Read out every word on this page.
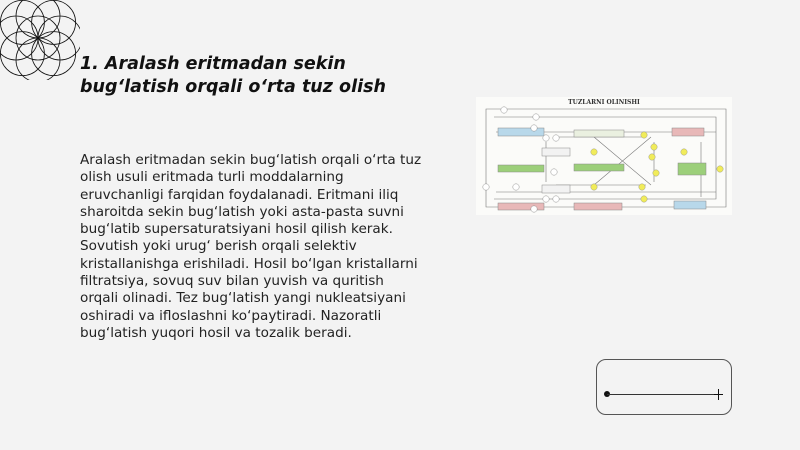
1. Aralash eritmadan sekin bug‘latish orqali o‘rta tuz olish

Aralash eritmadan sekin bug‘latish orqali o‘rta tuz olish usuli eritmada turli moddalarning eruvchanligi farqidan foydalanadi. Eritmani iliq sharoitda sekin bug‘latish yoki asta-pasta suvni bug‘latib supersaturatsiyani hosil qilish kerak. Sovutish yoki urug‘ berish orqali selektiv kristallanishga erishiladi. Hosil bo‘lgan kristallarni filtratsiya, sovuq suv bilan yuvish va quritish orqali olinadi. Tez bug‘latish yangi nukleatsiyani oshiradi va ifloslashni ko‘paytiradi. Nazoratli bug‘latish yuqori hosil va tozalik beradi.

TUZLARNI OLINISHI
